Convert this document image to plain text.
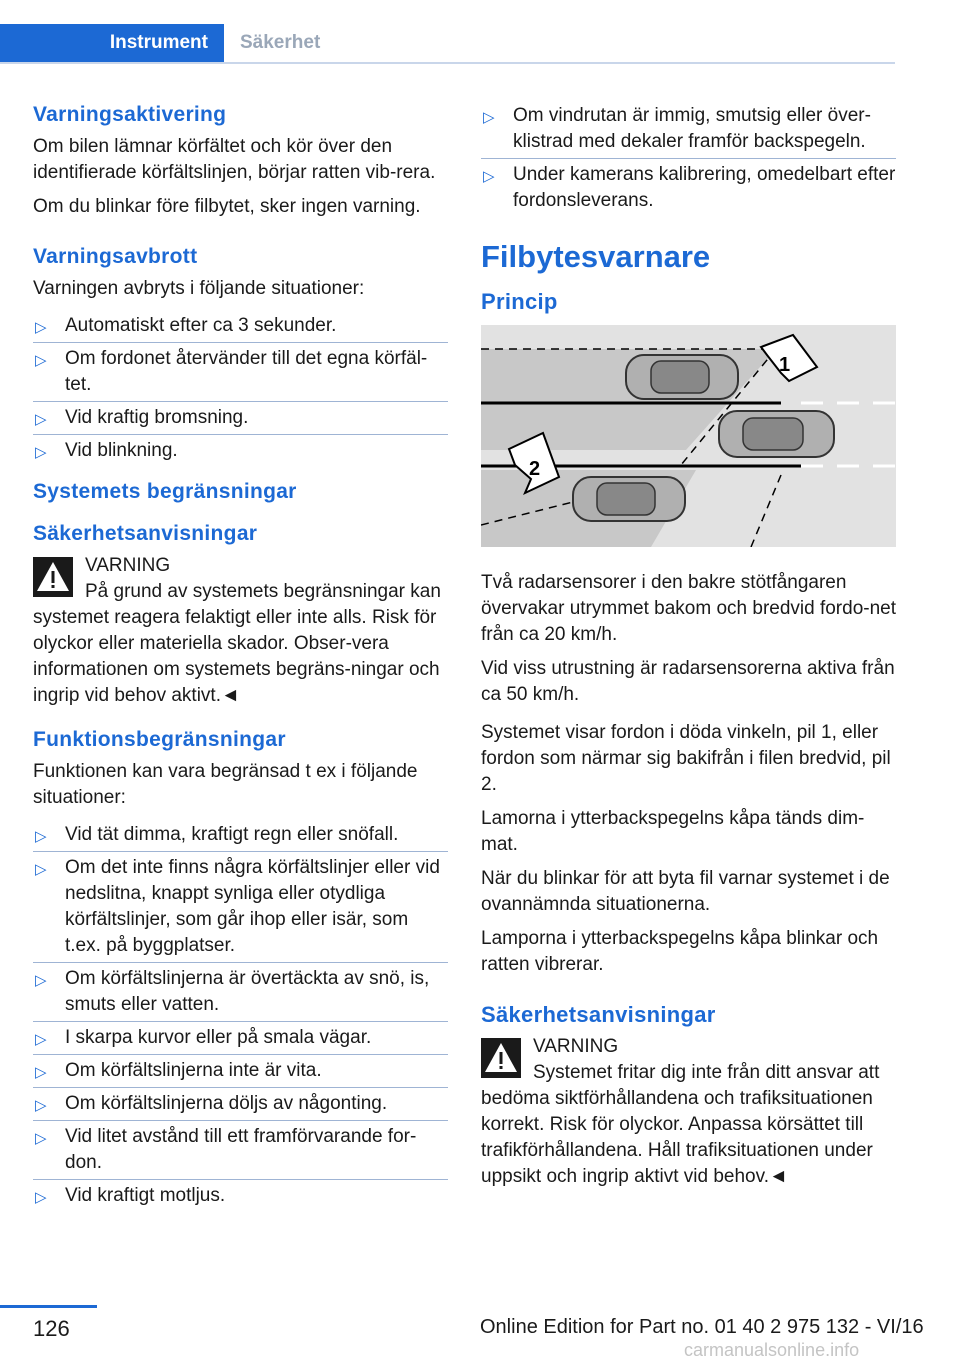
Instrument	Säkerhet
Varningsaktivering

Om bilen lämnar körfältet och kör över den identifierade körfältslinjen, börjar ratten vib-rera.

Om du blinkar före filbytet, sker ingen varning.

Varningsavbrott

Varningen avbryts i följande situationer:

▷ Automatiskt efter ca 3 sekunder.
▷ Om fordonet återvänder till det egna körfäl-tet.
▷ Vid kraftig bromsning.
▷ Vid blinkning.
Systemets begränsningar
Säkerhetsanvisningar
VARNING
På grund av systemets begränsningar kan systemet reagera felaktigt eller inte alls. Risk för olyckor eller materiella skador. Obser-vera informationen om systemets begräns-ningar och ingrip vid behov aktivt.◄
Funktionsbegränsningar

Funktionen kan vara begränsad t ex i följande situationer:

▷ Vid tät dimma, kraftigt regn eller snöfall.
▷ Om det inte finns några körfältslinjer eller vid nedslitna, knappt synliga eller otydliga körfältslinjer, som går ihop eller isär, som t.ex. på byggplatser.
▷ Om körfältslinjerna är övertäckta av snö, is, smuts eller vatten.
▷ I skarpa kurvor eller på smala vägar.
▷ Om körfältslinjerna inte är vita.
▷ Om körfältslinjerna döljs av någonting.
▷ Vid litet avstånd till ett framförvarande for-don.
▷ Vid kraftigt motljus.
▷ Om vindrutan är immig, smutsig eller över-klistrad med dekaler framför backspegeln.
▷ Under kamerans kalibrering, omedelbart efter fordonsleverans.
Filbytesvarnare
Princip
1
2

Två radarsensorer i den bakre stötfångaren övervakar utrymmet bakom och bredvid fordo-net från ca 20 km/h.

Vid viss utrustning är radarsensorerna aktiva från ca 50 km/h.

Systemet visar fordon i döda vinkeln, pil 1, eller fordon som närmar sig bakifrån i filen bredvid, pil 2.

Lamorna i ytterbackspegelns kåpa tänds dim-mat.

När du blinkar för att byta fil varnar systemet i de ovannämnda situationerna.

Lamporna i ytterbackspegelns kåpa blinkar och ratten vibrerar.

Säkerhetsanvisningar
VARNING
Systemet fritar dig inte från ditt ansvar att bedöma siktförhållandena och trafiksituationen korrekt. Risk för olyckor. Anpassa körsättet till trafikförhållandena. Håll trafiksituationen under uppsikt och ingrip aktivt vid behov.◄
126	Online Edition for Part no. 01 40 2 975 132 - VI/16
carmanualsonline.info
